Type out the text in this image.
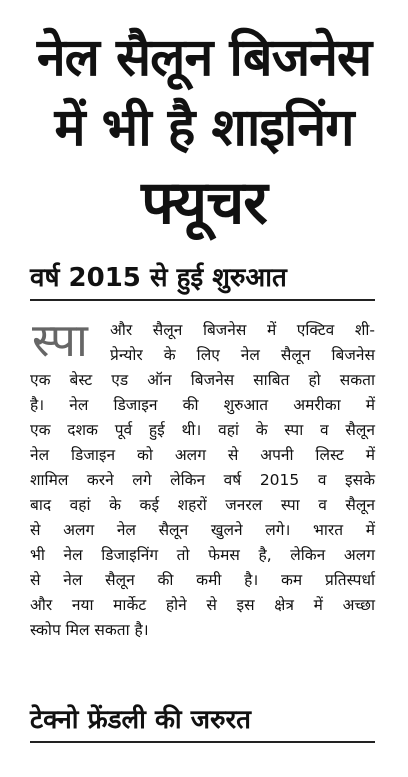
नेल सैलून बिजनेस
में भी है शाइनिंग
फ्यूचर
वर्ष 2015 से हुई शुरुआत
स्पा और सैलून बिजनेस में एक्टिव शी-
प्रेन्योर के लिए नेल सैलून बिजनेस
एक बेस्ट एड ऑन बिजनेस साबित हो सकता
है। नेल डिजाइन की शुरुआत अमरीका में
एक दशक पूर्व हुई थी। वहां के स्पा व सैलून
नेल डिजाइन को अलग से अपनी लिस्ट में
शामिल करने लगे लेकिन वर्ष 2015 व इसके
बाद वहां के कई शहरों जनरल स्पा व सैलून
से अलग नेल सैलून खुलने लगे। भारत में
भी नेल डिजाइनिंग तो फेमस है, लेकिन अलग
से नेल सैलून की कमी है। कम प्रतिस्पर्धा
और नया मार्केट होने से इस क्षेत्र में अच्छा
स्कोप मिल सकता है।
टेक्नो फ्रेंडली की जरुरत
